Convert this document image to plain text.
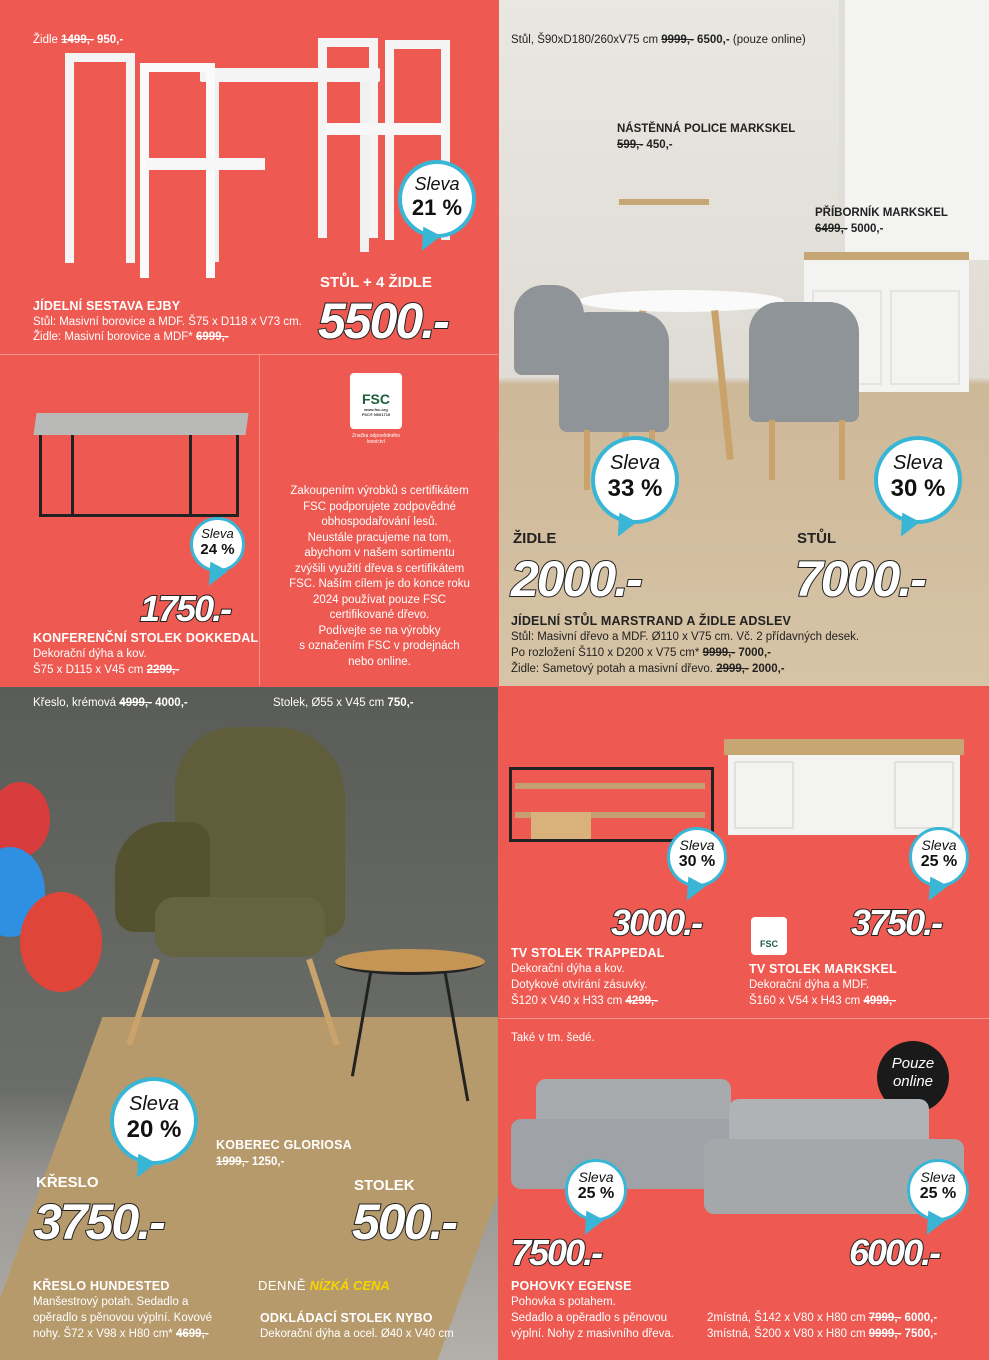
Židle 1499,- 950,-
Sleva
21 %
STŮL + 4 ŽIDLE
5500.-
JÍDELNÍ SESTAVA EJBY
Stůl: Masivní borovice a MDF. Š75 x D118 x V73 cm.
Židle: Masivní borovice a MDF* 6999,-
Stůl, Š90xD180/260xV75 cm 9999,- 6500,- (pouze online)
NÁSTĚNNÁ POLICE MARKSKEL
599,- 450,-
PŘÍBORNÍK MARKSKEL
6499,- 5000,-
Sleva
33 %
Sleva
30 %
ŽIDLE
2000.-
STŮL
7000.-
JÍDELNÍ STŮL MARSTRAND A ŽIDLE ADSLEV
Stůl: Masivní dřevo a MDF. Ø110 x V75 cm. Vč. 2 přídavných desek.
Po rozložení Š110 x D200 x V75 cm* 9999,- 7000,-
Židle: Sametový potah a masivní dřevo. 2999,- 2000,-
Sleva
24 %
1750.-
KONFERENČNÍ STOLEK DOKKEDAL
Dekorační dýha a kov.
Š75 x D115 x V45 cm 2299,-
FSC
www.fsc.org
FSC® N001719
Značka odpovědného lesnictví
Zakoupením výrobků s certifikátem
FSC podporujete zodpovědné
obhospodařování lesů.
Neustále pracujeme na tom,
abychom v našem sortimentu
zvýšili využití dřeva s certifikátem
FSC. Naším cílem je do konce roku
2024 používat pouze FSC
certifikované dřevo.
Podívejte se na výrobky
s označením FSC v prodejnách
nebo online.
Křeslo, krémová 4999,- 4000,-	Stolek, Ø55 x V45 cm 750,-
Sleva
20 %
KOBEREC GLORIOSA
1999,- 1250,-
KŘESLO
3750.-
STOLEK
500.-
KŘESLO HUNDESTED
Manšestrový potah. Sedadlo a
opěradlo s pěnovou výplní. Kovové
nohy. Š72 x V98 x H80 cm* 4699,-
DENNĚ NÍZKÁ CENA
ODKLÁDACÍ STOLEK NYBO
Dekorační dýha a ocel. Ø40 x V40 cm
Sleva
30 %
Sleva
25 %
3000.-	3750.-
FSC
TV STOLEK TRAPPEDAL
Dekorační dýha a kov.
Dotykové otvírání zásuvky.
Š120 x V40 x H33 cm 4299,-
TV STOLEK MARKSKEL
Dekorační dýha a MDF.
Š160 x V54 x H43 cm 4999,-
Také v tm. šedé.
Pouze
online
Sleva
25 %
Sleva
25 %
7500.-	6000.-
POHOVKY EGENSE
Pohovka s potahem.
Sedadlo a opěradlo s pěnovou
výplní. Nohy z masivního dřeva.
2místná, Š142 x V80 x H80 cm 7999,- 6000,-
3místná, Š200 x V80 x H80 cm 9999,- 7500,-
